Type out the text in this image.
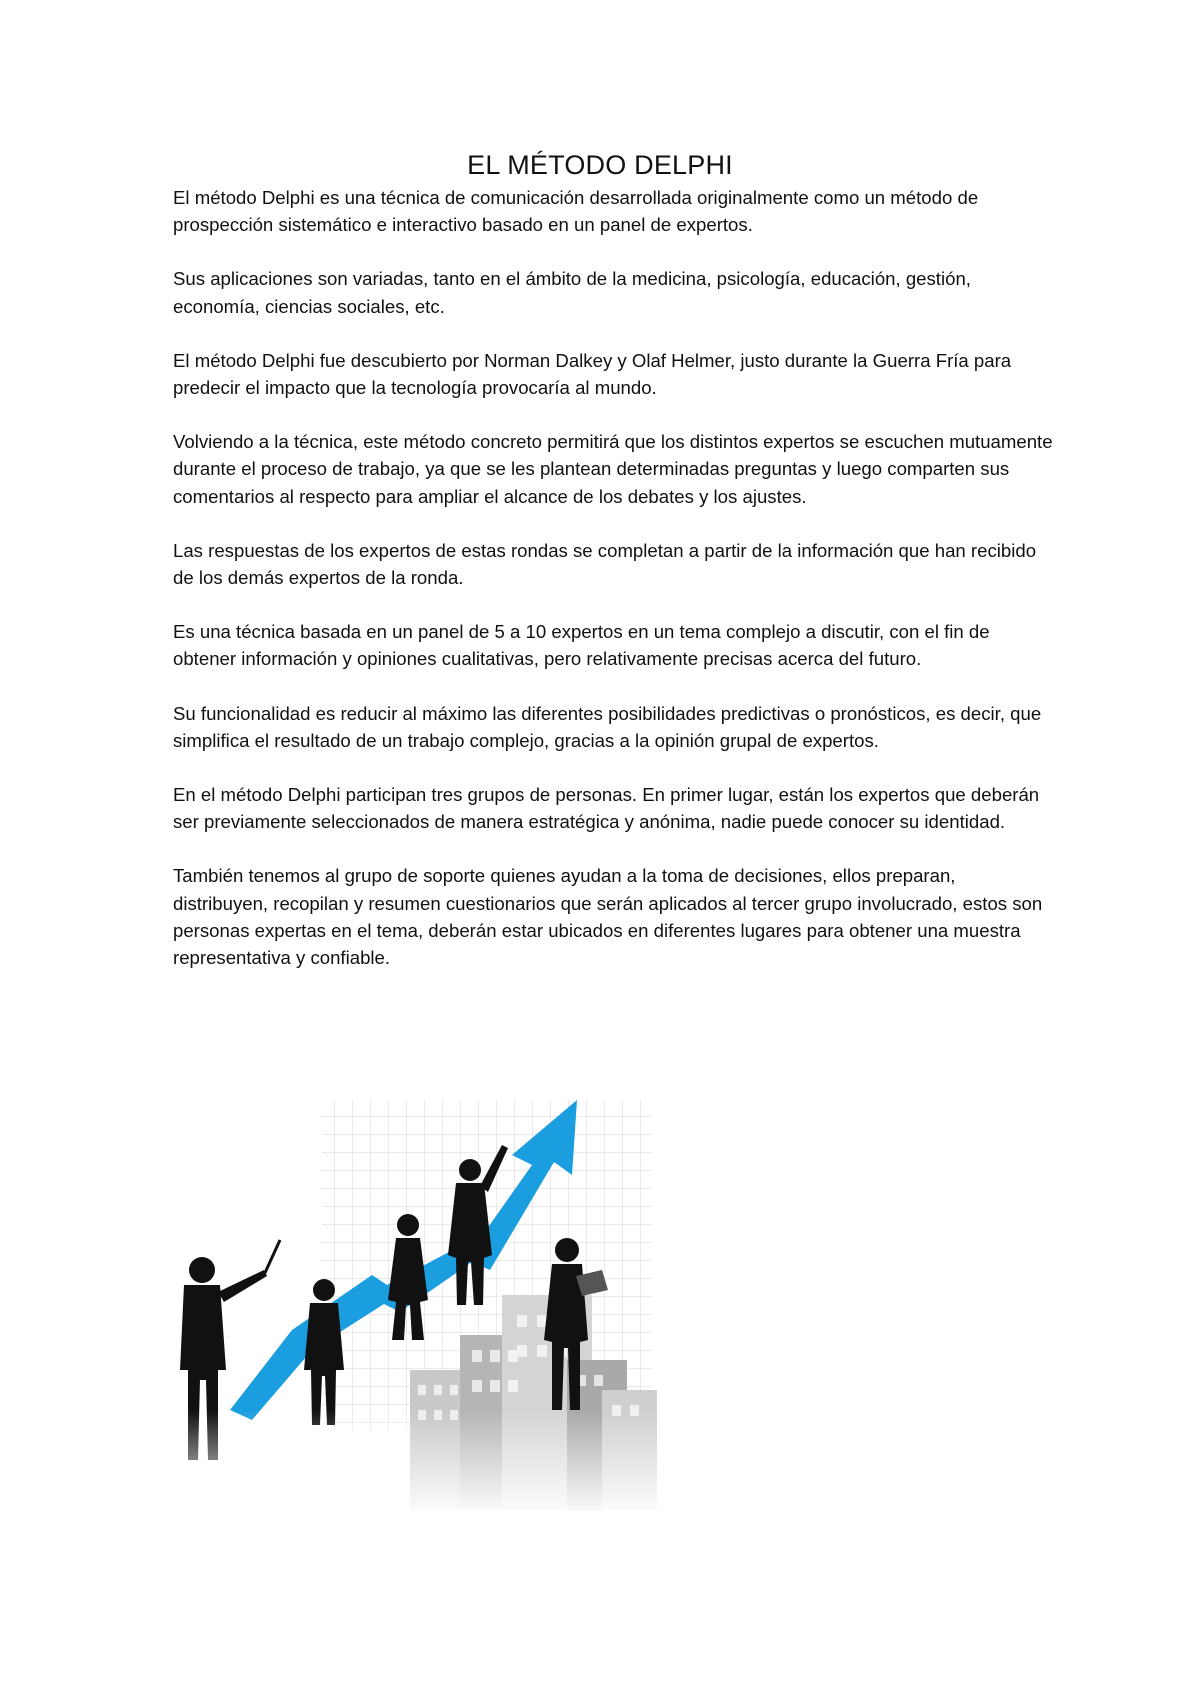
EL MÉTODO DELPHI

El método Delphi es una técnica de comunicación desarrollada originalmente como un método de prospección sistemático e interactivo basado en un panel de expertos.

Sus aplicaciones son variadas, tanto en el ámbito de la medicina, psicología, educación, gestión, economía, ciencias sociales, etc.

El método Delphi fue descubierto por Norman Dalkey y Olaf Helmer, justo durante la Guerra Fría para predecir el impacto que la tecnología provocaría al mundo.

Volviendo a la técnica, este método concreto permitirá que los distintos expertos se escuchen mutuamente durante el proceso de trabajo, ya que se les plantean determinadas preguntas y luego comparten sus comentarios al respecto para ampliar el alcance de los debates y los ajustes.

Las respuestas de los expertos de estas rondas se completan a partir de la información que han recibido de los demás expertos de la ronda.

Es una técnica basada en un panel de 5 a 10 expertos en un tema complejo a discutir, con el fin de obtener información y opiniones cualitativas, pero relativamente precisas acerca del futuro.

Su funcionalidad es reducir al máximo las diferentes posibilidades predictivas o pronósticos, es decir, que simplifica el resultado de un trabajo complejo, gracias a la opinión grupal de expertos.

En el método Delphi participan tres grupos de personas. En primer lugar, están los expertos que deberán ser previamente seleccionados de manera estratégica y anónima, nadie puede conocer su identidad.

También tenemos al grupo de soporte quienes ayudan a la toma de decisiones, ellos preparan, distribuyen, recopilan y resumen cuestionarios que serán aplicados al tercer grupo involucrado, estos son personas expertas en el tema, deberán estar ubicados en diferentes lugares para obtener una muestra representativa y confiable.
